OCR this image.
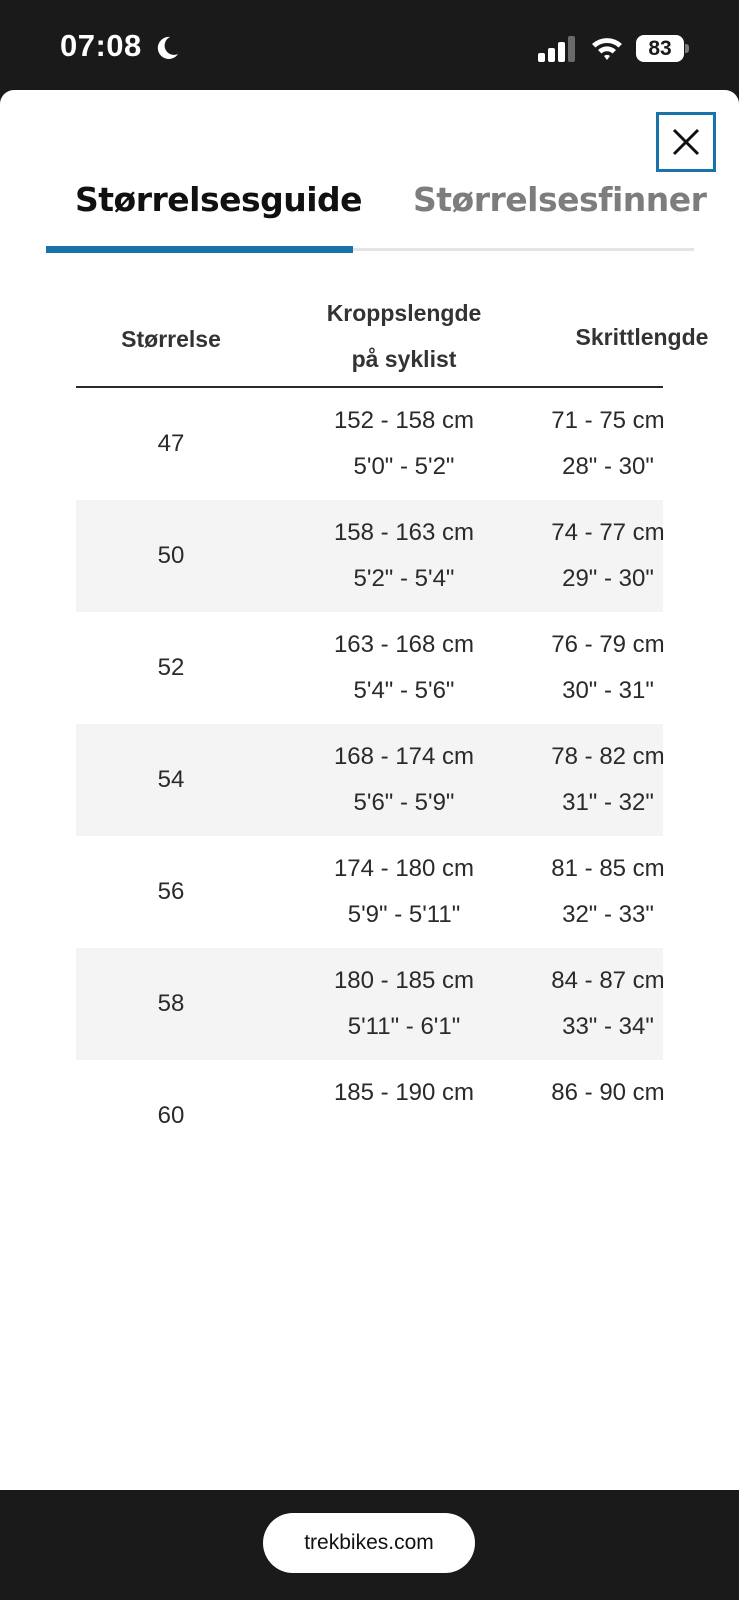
07:08	83
Størrelsesguide Størrelsesfinner
Størrelse
Kroppslengde
på syklist
Skrittlengde
47
152 - 158 cm
5'0" - 5'2"
71 - 75 cm
28" - 30"
50
158 - 163 cm
5'2" - 5'4"
74 - 77 cm
29" - 30"
52
163 - 168 cm
5'4" - 5'6"
76 - 79 cm
30" - 31"
54
168 - 174 cm
5'6" - 5'9"
78 - 82 cm
31" - 32"
56
174 - 180 cm
5'9" - 5'11"
81 - 85 cm
32" - 33"
58
180 - 185 cm
5'11" - 6'1"
84 - 87 cm
33" - 34"
60
185 - 190 cm	86 - 90 cm
trekbikes.com
